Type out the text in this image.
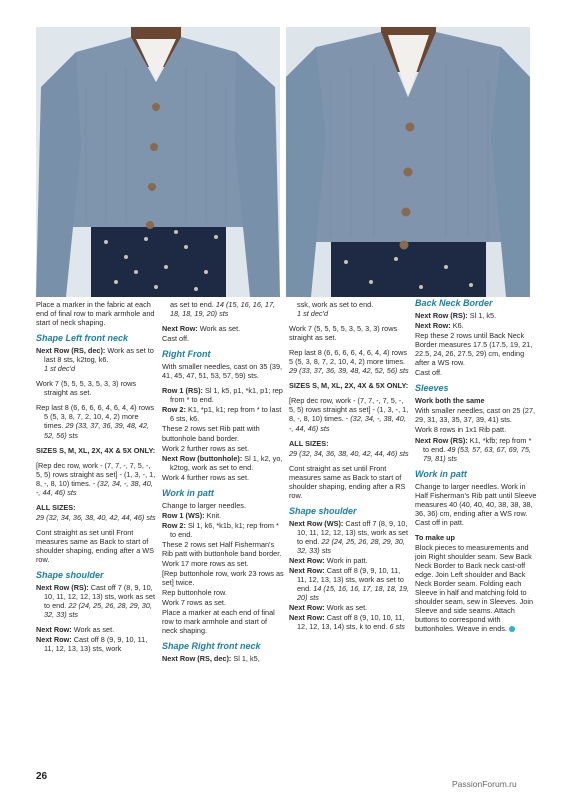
Place a marker in the fabric at each end of final row to mark armhole and start of neck shaping.

Shape Left front neck

Next Row (RS, dec): Work as set to last 8 sts, k2tog, k6.
1 st dec'd

Work 7 (5, 5, 5, 3, 5, 3, 3) rows straight as set.

Rep last 8 (6, 6, 6, 6, 4, 6, 4, 4) rows 5 (5, 3, 8, 7, 2, 10, 4, 2) more times. 29 (33, 37, 36, 39, 48, 42, 52, 56) sts

SIZES S, M, XL, 2X, 4X & 5X ONLY:

[Rep dec row, work - (7, 7, -, 7, 5, -, 5, 5) rows straight as set] - (1, 3, -, 1, 8, -, 8, 10) times. - (32, 34, -, 38, 40, -, 44, 46) sts

ALL SIZES:

29 (32, 34, 36, 38, 40, 42, 44, 46) sts

Cont straight as set until Front measures same as Back to start of shoulder shaping, ending after a WS row.

Shape shoulder

Next Row (RS): Cast off 7 (8, 9, 10, 10, 11, 12, 12, 13) sts, work as set to end. 22 (24, 25, 26, 28, 29, 30, 32, 33) sts

Next Row: Work as set.

Next Row: Cast off 8 (9, 9, 10, 11, 11, 12, 13, 13) sts, work

as set to end. 14 (15, 16, 16, 17, 18, 18, 19, 20) sts

Next Row: Work as set.

Cast off.

Right Front

With smaller needles, cast on 35 (39, 41, 45, 47, 51, 53, 57, 59) sts.

Row 1 (RS): Sl 1, k5, p1, *k1, p1; rep from * to end.

Row 2: K1, *p1, k1; rep from * to last 6 sts, k6.

These 2 rows set Rib patt with buttonhole band border.

Work 2 further rows as set.

Next Row (buttonhole): Sl 1, k2, yo, k2tog, work as set to end.

Work 4 further rows as set.

Work in patt

Change to larger needles.

Row 1 (WS): Knit.

Row 2: Sl 1, k6, *k1b, k1; rep from * to end.

These 2 rows set Half Fisherman's Rib patt with buttonhole band border.

Work 17 more rows as set.

[Rep buttonhole row, work 23 rows as set] twice.

Rep buttonhole row.

Work 7 rows as set.

Place a marker at each end of final row to mark armhole and start of neck shaping.

Shape Right front neck

Next Row (RS, dec): Sl 1, k5,

ssk, work as set to end.
1 st dec'd

Work 7 (5, 5, 5, 5, 3, 5, 3, 3) rows straight as set.

Rep last 8 (6, 6, 6, 6, 4, 6, 4, 4) rows 5 (5, 3, 8, 7, 2, 10, 4, 2) more times. 29 (33, 37, 36, 39, 48, 42, 52, 56) sts

SIZES S, M, XL, 2X, 4X & 5X ONLY:

[Rep dec row, work - (7, 7, -, 7, 5, -, 5, 5) rows straight as set] - (1, 3, -, 1, 8, -, 8, 10) times. - (32, 34, -, 38, 40, -, 44, 46) sts

ALL SIZES:

29 (32, 34, 36, 38, 40, 42, 44, 46) sts

Cont straight as set until Front measures same as Back to start of shoulder shaping, ending after a RS row.

Shape shoulder

Next Row (WS): Cast off 7 (8, 9, 10, 10, 11, 12, 12, 13) sts, work as set to end. 22 (24, 25, 26, 28, 29, 30, 32, 33) sts

Next Row: Work in patt.

Next Row: Cast off 8 (9, 9, 10, 11, 11, 12, 13, 13) sts, work as set to end. 14 (15, 16, 16, 17, 18, 18, 19, 20) sts

Next Row: Work as set.

Next Row: Cast off 8 (9, 10, 10, 11, 12, 12, 13, 14) sts, k to end. 6 sts

Back Neck Border

Next Row (RS): Sl 1, k5.

Next Row: K6.

Rep these 2 rows until Back Neck Border measures 17.5 (17.5, 19, 21, 22.5, 24, 26, 27.5, 29) cm, ending after a WS row.

Cast off.

Sleeves

Work both the same

With smaller needles, cast on 25 (27, 29, 31, 33, 35, 37, 39, 41) sts.

Work 8 rows in 1x1 Rib patt.

Next Row (RS): K1, *kfb; rep from * to end. 49 (53, 57, 63, 67, 69, 75, 79, 81) sts

Work in patt

Change to larger needles. Work in Half Fisherman's Rib patt until Sleeve measures 40 (40, 40, 40, 38, 38, 38, 36, 36) cm, ending after a WS row. Cast off in patt.

To make up

Block pieces to measurements and join Right shoulder seam. Sew Back Neck Border to Back neck cast-off edge. Join Left shoulder and Back Neck Border seam. Folding each Sleeve in half and matching fold to shoulder seam, sew in Sleeves. Join Sleeve and side seams. Attach buttons to correspond with buttonholes. Weave in ends.

26
PassionForum.ru
